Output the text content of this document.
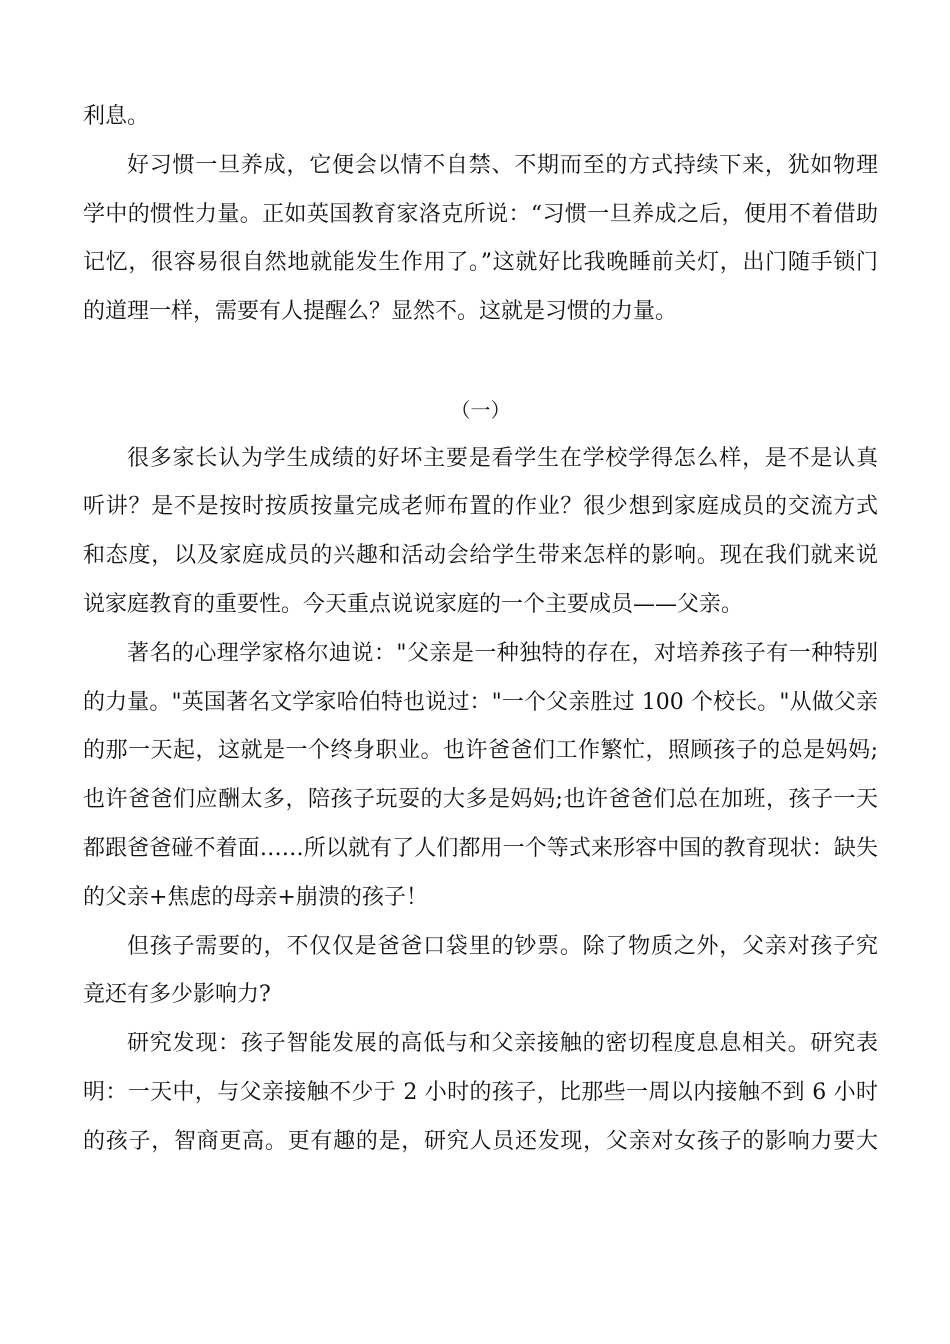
利息。
好习惯一旦养成，它便会以情不自禁、不期而至的方式持续下来，犹如物理
学中的惯性力量。正如英国教育家洛克所说：“习惯一旦养成之后，便用不着借助
记忆，很容易很自然地就能发生作用了。”这就好比我晚睡前关灯，出门随手锁门
的道理一样，需要有人提醒么？显然不。这就是习惯的力量。
（一）
很多家长认为学生成绩的好坏主要是看学生在学校学得怎么样，是不是认真
听讲？是不是按时按质按量完成老师布置的作业？很少想到家庭成员的交流方式
和态度，以及家庭成员的兴趣和活动会给学生带来怎样的影响。现在我们就来说
说家庭教育的重要性。今天重点说说家庭的一个主要成员——父亲。
著名的心理学家格尔迪说："父亲是一种独特的存在，对培养孩子有一种特别
的力量。"英国著名文学家哈伯特也说过："一个父亲胜过 100 个校长。"从做父亲
的那一天起，这就是一个终身职业。也许爸爸们工作繁忙，照顾孩子的总是妈妈;
也许爸爸们应酬太多，陪孩子玩耍的大多是妈妈;也许爸爸们总在加班，孩子一天
都跟爸爸碰不着面……所以就有了人们都用一个等式来形容中国的教育现状：缺失
的父亲+焦虑的母亲+崩溃的孩子！
但孩子需要的，不仅仅是爸爸口袋里的钞票。除了物质之外，父亲对孩子究
竟还有多少影响力?
研究发现：孩子智能发展的高低与和父亲接触的密切程度息息相关。研究表
明：一天中，与父亲接触不少于 2 小时的孩子，比那些一周以内接触不到 6 小时
的孩子，智商更高。更有趣的是，研究人员还发现，父亲对女孩子的影响力要大
